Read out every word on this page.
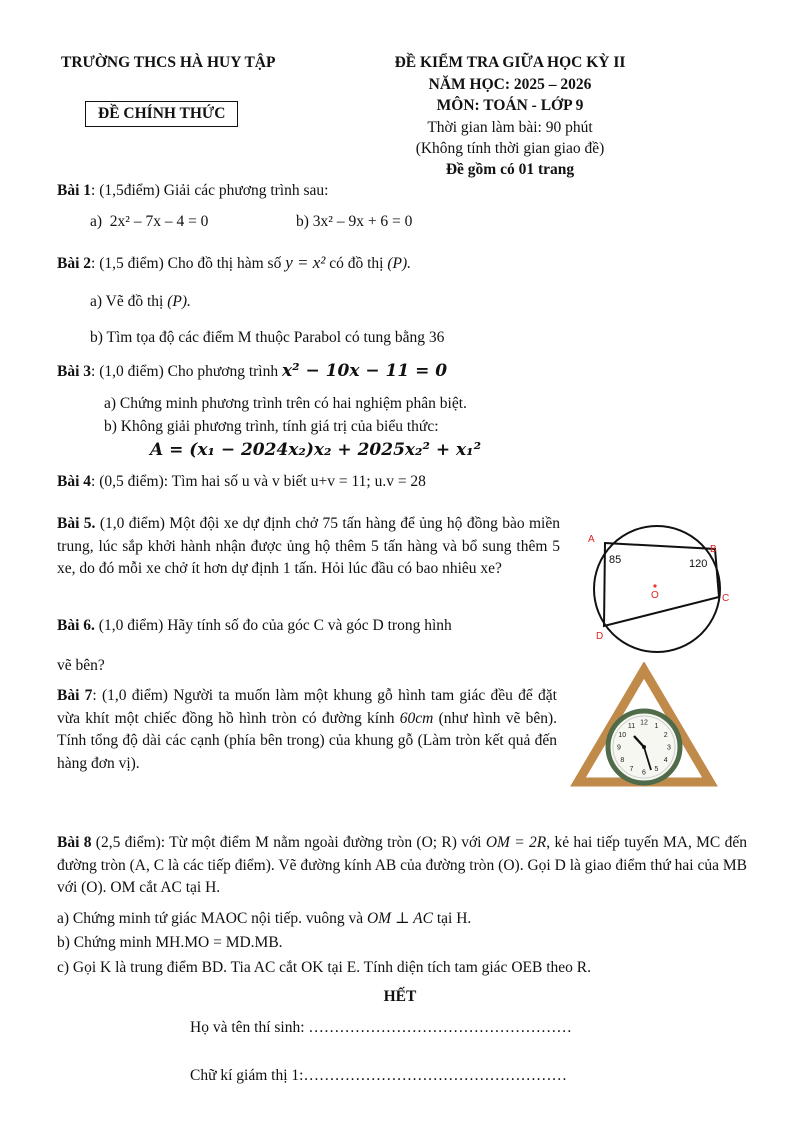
TRƯỜNG THCS HÀ HUY TẬP
ĐỀ CHÍNH THỨC
ĐỀ KIỂM TRA GIỮA HỌC KỲ II
NĂM HỌC: 2025 – 2026
MÔN: TOÁN - LỚP 9
Thời gian làm bài: 90 phút
(Không tính thời gian giao đề)
Đề gồm có 01 trang
Bài 1: (1,5điểm) Giải các phương trình sau:
a) 2x² – 7x – 4 = 0	b) 3x² – 9x + 6 = 0
Bài 2: (1,5 điểm) Cho đồ thị hàm số y = x² có đồ thị (P).
a) Vẽ đồ thị (P).
b) Tìm tọa độ các điểm M thuộc Parabol có tung bằng 36
Bài 3: (1,0 điểm) Cho phương trình x² − 10x − 11 = 0
a) Chứng minh phương trình trên có hai nghiệm phân biệt.
b) Không giải phương trình, tính giá trị của biểu thức:
A = (x₁ − 2024x₂)x₂ + 2025x₂² + x₁²
Bài 4: (0,5 điểm): Tìm hai số u và v biết u+v = 11; u.v = 28
Bài 5. (1,0 điểm) Một đội xe dự định chở 75 tấn hàng để ủng hộ đồng bào miền trung, lúc sắp khởi hành nhận được ủng hộ thêm 5 tấn hàng và bổ sung thêm 5 xe, do đó mỗi xe chở ít hơn dự định 1 tấn. Hỏi lúc đầu có bao nhiêu xe?
Bài 6. (1,0 điểm) Hãy tính số đo của góc C và góc D trong hình
vẽ bên?
A
B
C
D
O
85	120
Bài 7: (1,0 điểm) Người ta muốn làm một khung gỗ hình tam giác đều để đặt vừa khít một chiếc đồng hồ hình tròn có đường kính 60cm (như hình vẽ bên). Tính tổng độ dài các cạnh (phía bên trong) của khung gỗ (Làm tròn kết quả đến hàng đơn vị).
12 1
2
3
4
5
6
7
8
9
10
11
Bài 8 (2,5 điểm): Từ một điểm M nằm ngoài đường tròn (O; R) với OM = 2R, kẻ hai tiếp tuyến MA, MC đến đường tròn (A, C là các tiếp điểm). Vẽ đường kính AB của đường tròn (O). Gọi D là giao điểm thứ hai của MB với (O). OM cắt AC tại H.
a) Chứng minh tứ giác MAOC nội tiếp. vuông và OM ⊥ AC tại H.
b) Chứng minh MH.MO = MD.MB.
c) Gọi K là trung điểm BD. Tia AC cắt OK tại E. Tính diện tích tam giác OEB theo R.
HẾT
Họ và tên thí sinh: ……………………………………………
Chữ kí giám thị 1:……………………………………………
